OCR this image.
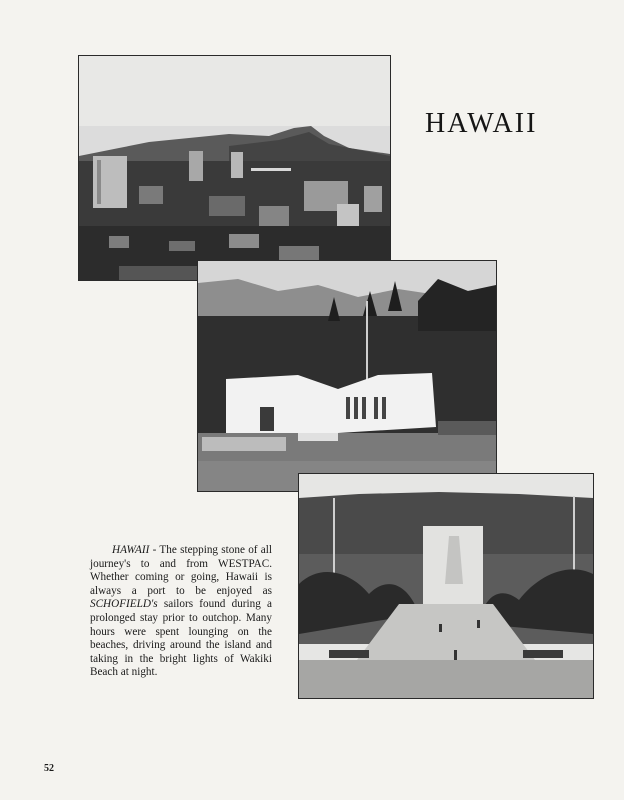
HAWAII

HAWAII - The stepping stone of all journey's to and from WESTPAC. Whether coming or going, Hawaii is always a port to be enjoyed as SCHOFIELD's sailors found during a prolonged stay prior to outchop. Many hours were spent lounging on the beaches, driving around the island and taking in the bright lights of Wakiki Beach at night.

52
